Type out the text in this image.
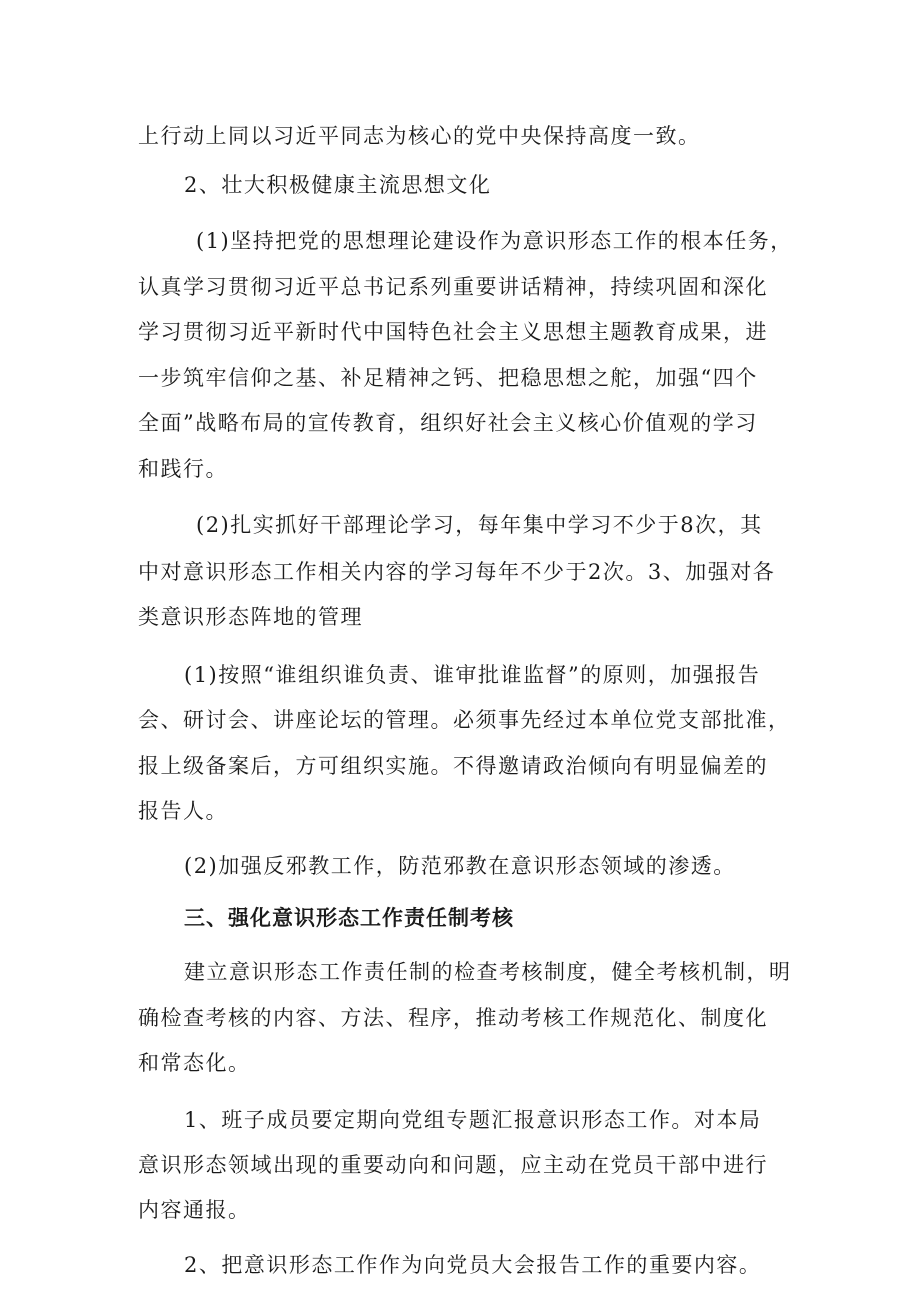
上行动上同以习近平同志为核心的党中央保持高度一致。
2、壮大积极健康主流思想文化
(1)坚持把党的思想理论建设作为意识形态工作的根本任务，
认真学习贯彻习近平总书记系列重要讲话精神，持续巩固和深化
学习贯彻习近平新时代中国特色社会主义思想主题教育成果，进
一步筑牢信仰之基、补足精神之钙、把稳思想之舵，加强“四个
全面”战略布局的宣传教育，组织好社会主义核心价值观的学习
和践行。
(2)扎实抓好干部理论学习，每年集中学习不少于8次，其
中对意识形态工作相关内容的学习每年不少于2次。3、加强对各
类意识形态阵地的管理
(1)按照“谁组织谁负责、谁审批谁监督”的原则，加强报告
会、研讨会、讲座论坛的管理。必须事先经过本单位党支部批准，
报上级备案后，方可组织实施。不得邀请政治倾向有明显偏差的
报告人。
(2)加强反邪教工作，防范邪教在意识形态领域的渗透。
三、强化意识形态工作责任制考核
建立意识形态工作责任制的检查考核制度，健全考核机制，明
确检查考核的内容、方法、程序，推动考核工作规范化、制度化
和常态化。
1、班子成员要定期向党组专题汇报意识形态工作。对本局
意识形态领域出现的重要动向和问题，应主动在党员干部中进行
内容通报。
2、把意识形态工作作为向党员大会报告工作的重要内容。
